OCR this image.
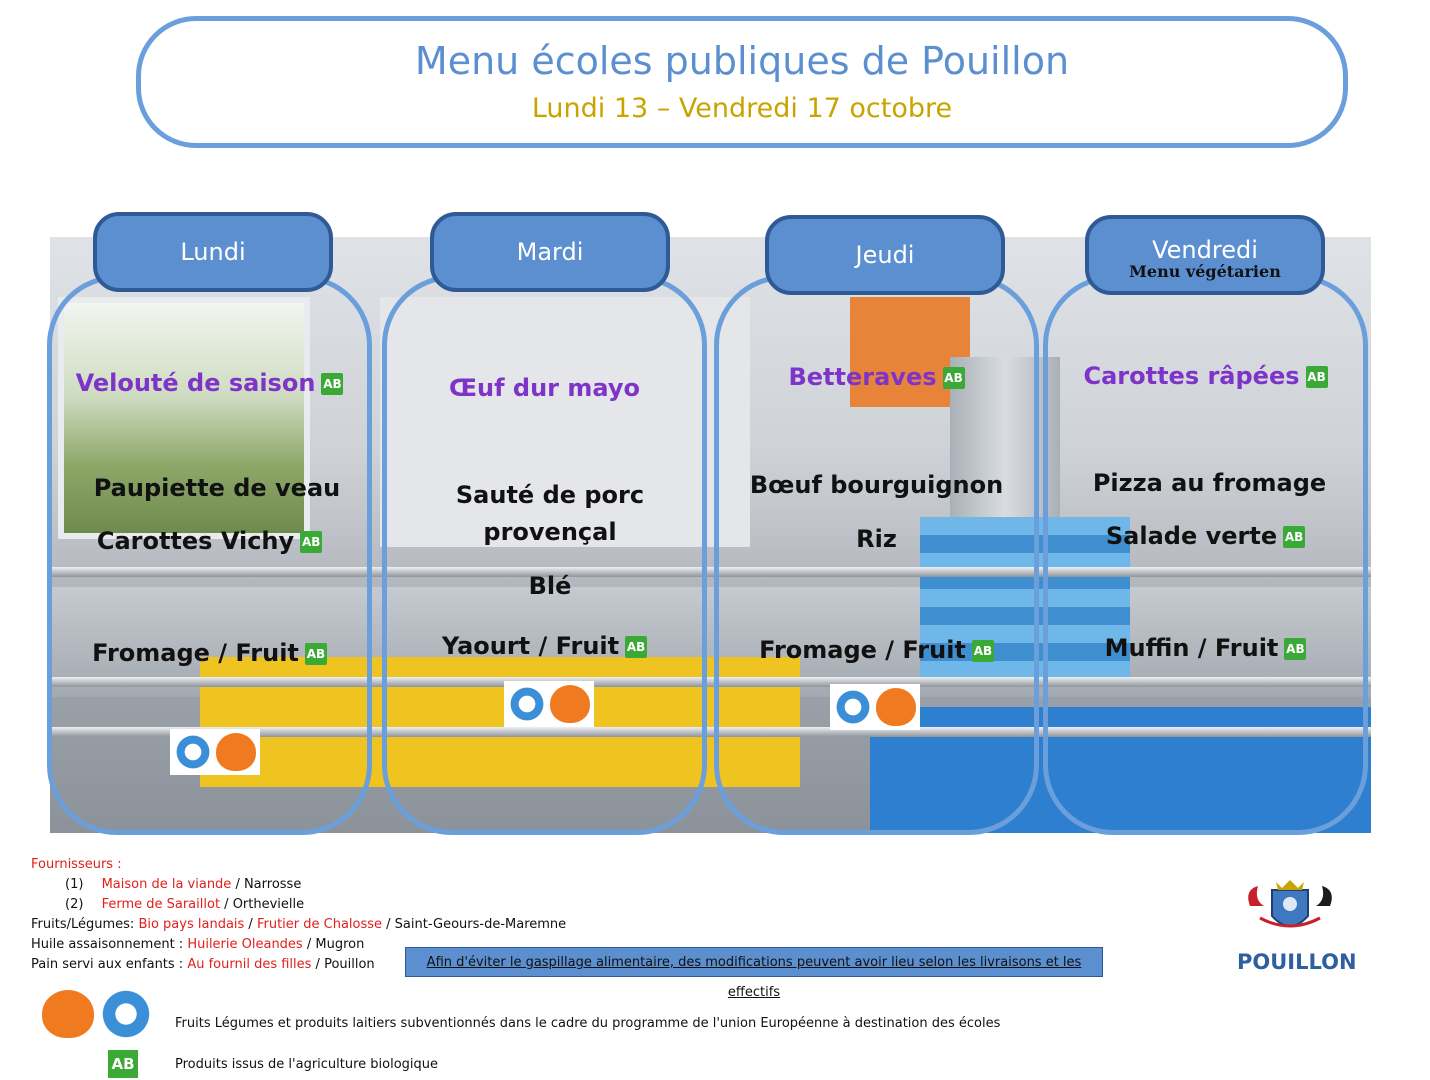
Menu écoles publiques de Pouillon
Lundi 13 – Vendredi 17 octobre
Lundi	Mardi	Jeudi	Vendredi
Menu végétarien
Velouté de saison AB
Paupiette de veau
Carottes Vichy AB
Fromage / Fruit AB
Œuf dur mayo
Sauté de porc
provençal
Blé
Yaourt / Fruit AB
Betteraves AB
Bœuf bourguignon
Riz
Fromage / Fruit AB
Carottes râpées AB
Pizza au fromage
Salade verte AB
Muffin / Fruit AB
Fournisseurs :
(1) Maison de la viande / Narrosse
(2) Ferme de Saraillot / Orthevielle
Fruits/Légumes: Bio pays landais / Frutier de Chalosse / Saint-Geours-de-Maremne
Huile assaisonnement : Huilerie Oleandes / Mugron
Pain servi aux enfants : Au fournil des filles / Pouillon	Afin d'éviter le gaspillage alimentaire, des modifications peuvent avoir lieu selon les livraisons et les effectifs
POUILLON
Fruits Légumes et produits laitiers subventionnés dans le cadre du programme de l'union Européenne à destination des écoles
AB	Produits issus de l'agriculture biologique
